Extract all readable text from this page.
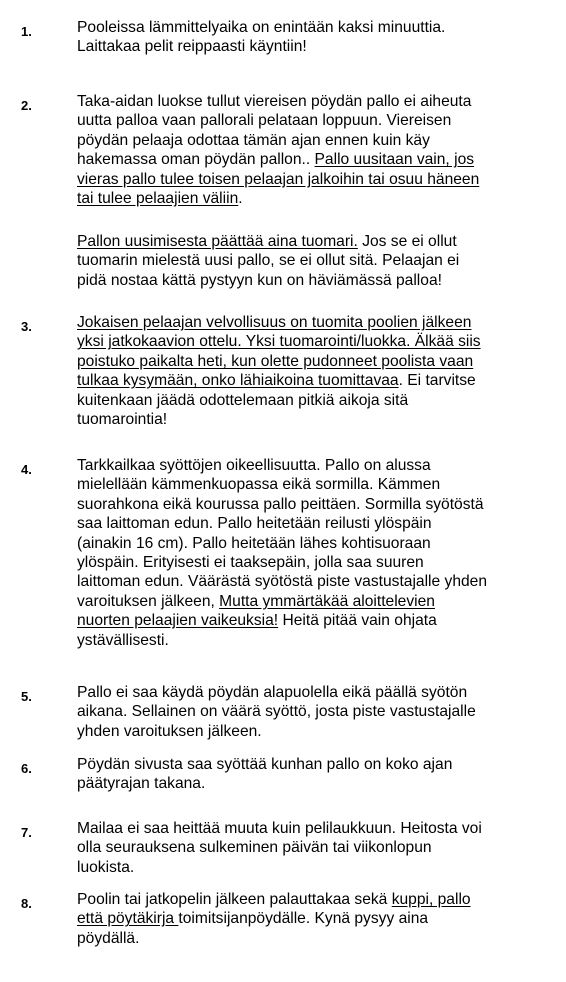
1.	Pooleissa lämmittelyaika on enintään kaksi minuuttia.
Laittakaa pelit reippaasti käyntiin!
2.	Taka-aidan luokse tullut viereisen pöydän pallo ei aiheuta
uutta palloa vaan pallorali pelataan loppuun. Viereisen
pöydän pelaaja odottaa tämän ajan ennen kuin käy
hakemassa oman pöydän pallon.. Pallo uusitaan vain, jos
vieras pallo tulee toisen pelaajan jalkoihin tai osuu häneen
tai tulee pelaajien väliin.
Pallon uusimisesta päättää aina tuomari. Jos se ei ollut
tuomarin mielestä uusi pallo, se ei ollut sitä. Pelaajan ei
pidä nostaa kättä pystyyn kun on häviämässä palloa!
3.	Jokaisen pelaajan velvollisuus on tuomita poolien jälkeen
yksi jatkokaavion ottelu. Yksi tuomarointi/luokka. Älkää siis
poistuko paikalta heti, kun olette pudonneet poolista vaan
tulkaa kysymään, onko lähiaikoina tuomittavaa. Ei tarvitse
kuitenkaan jäädä odottelemaan pitkiä aikoja sitä
tuomarointia!
4.	Tarkkailkaa syöttöjen oikeellisuutta. Pallo on alussa
mielellään kämmenkuopassa eikä sormilla. Kämmen
suorahkona eikä kourussa pallo peittäen. Sormilla syötöstä
saa laittoman edun. Pallo heitetään reilusti ylöspäin
(ainakin 16 cm). Pallo heitetään lähes kohtisuoraan
ylöspäin. Erityisesti ei taaksepäin, jolla saa suuren
laittoman edun. Väärästä syötöstä piste vastustajalle yhden
varoituksen jälkeen, Mutta ymmärtäkää aloittelevien
nuorten pelaajien vaikeuksia! Heitä pitää vain ohjata
ystävällisesti.
5.	Pallo ei saa käydä pöydän alapuolella eikä päällä syötön
aikana. Sellainen on väärä syöttö, josta piste vastustajalle
yhden varoituksen jälkeen.
6.	Pöydän sivusta saa syöttää kunhan pallo on koko ajan
päätyrajan takana.
7.	Mailaa ei saa heittää muuta kuin pelilaukkuun. Heitosta voi
olla seurauksena sulkeminen päivän tai viikonlopun
luokista.
8.	Poolin tai jatkopelin jälkeen palauttakaa sekä kuppi, pallo
että pöytäkirja toimitsijanpöydälle. Kynä pysyy aina
pöydällä.
